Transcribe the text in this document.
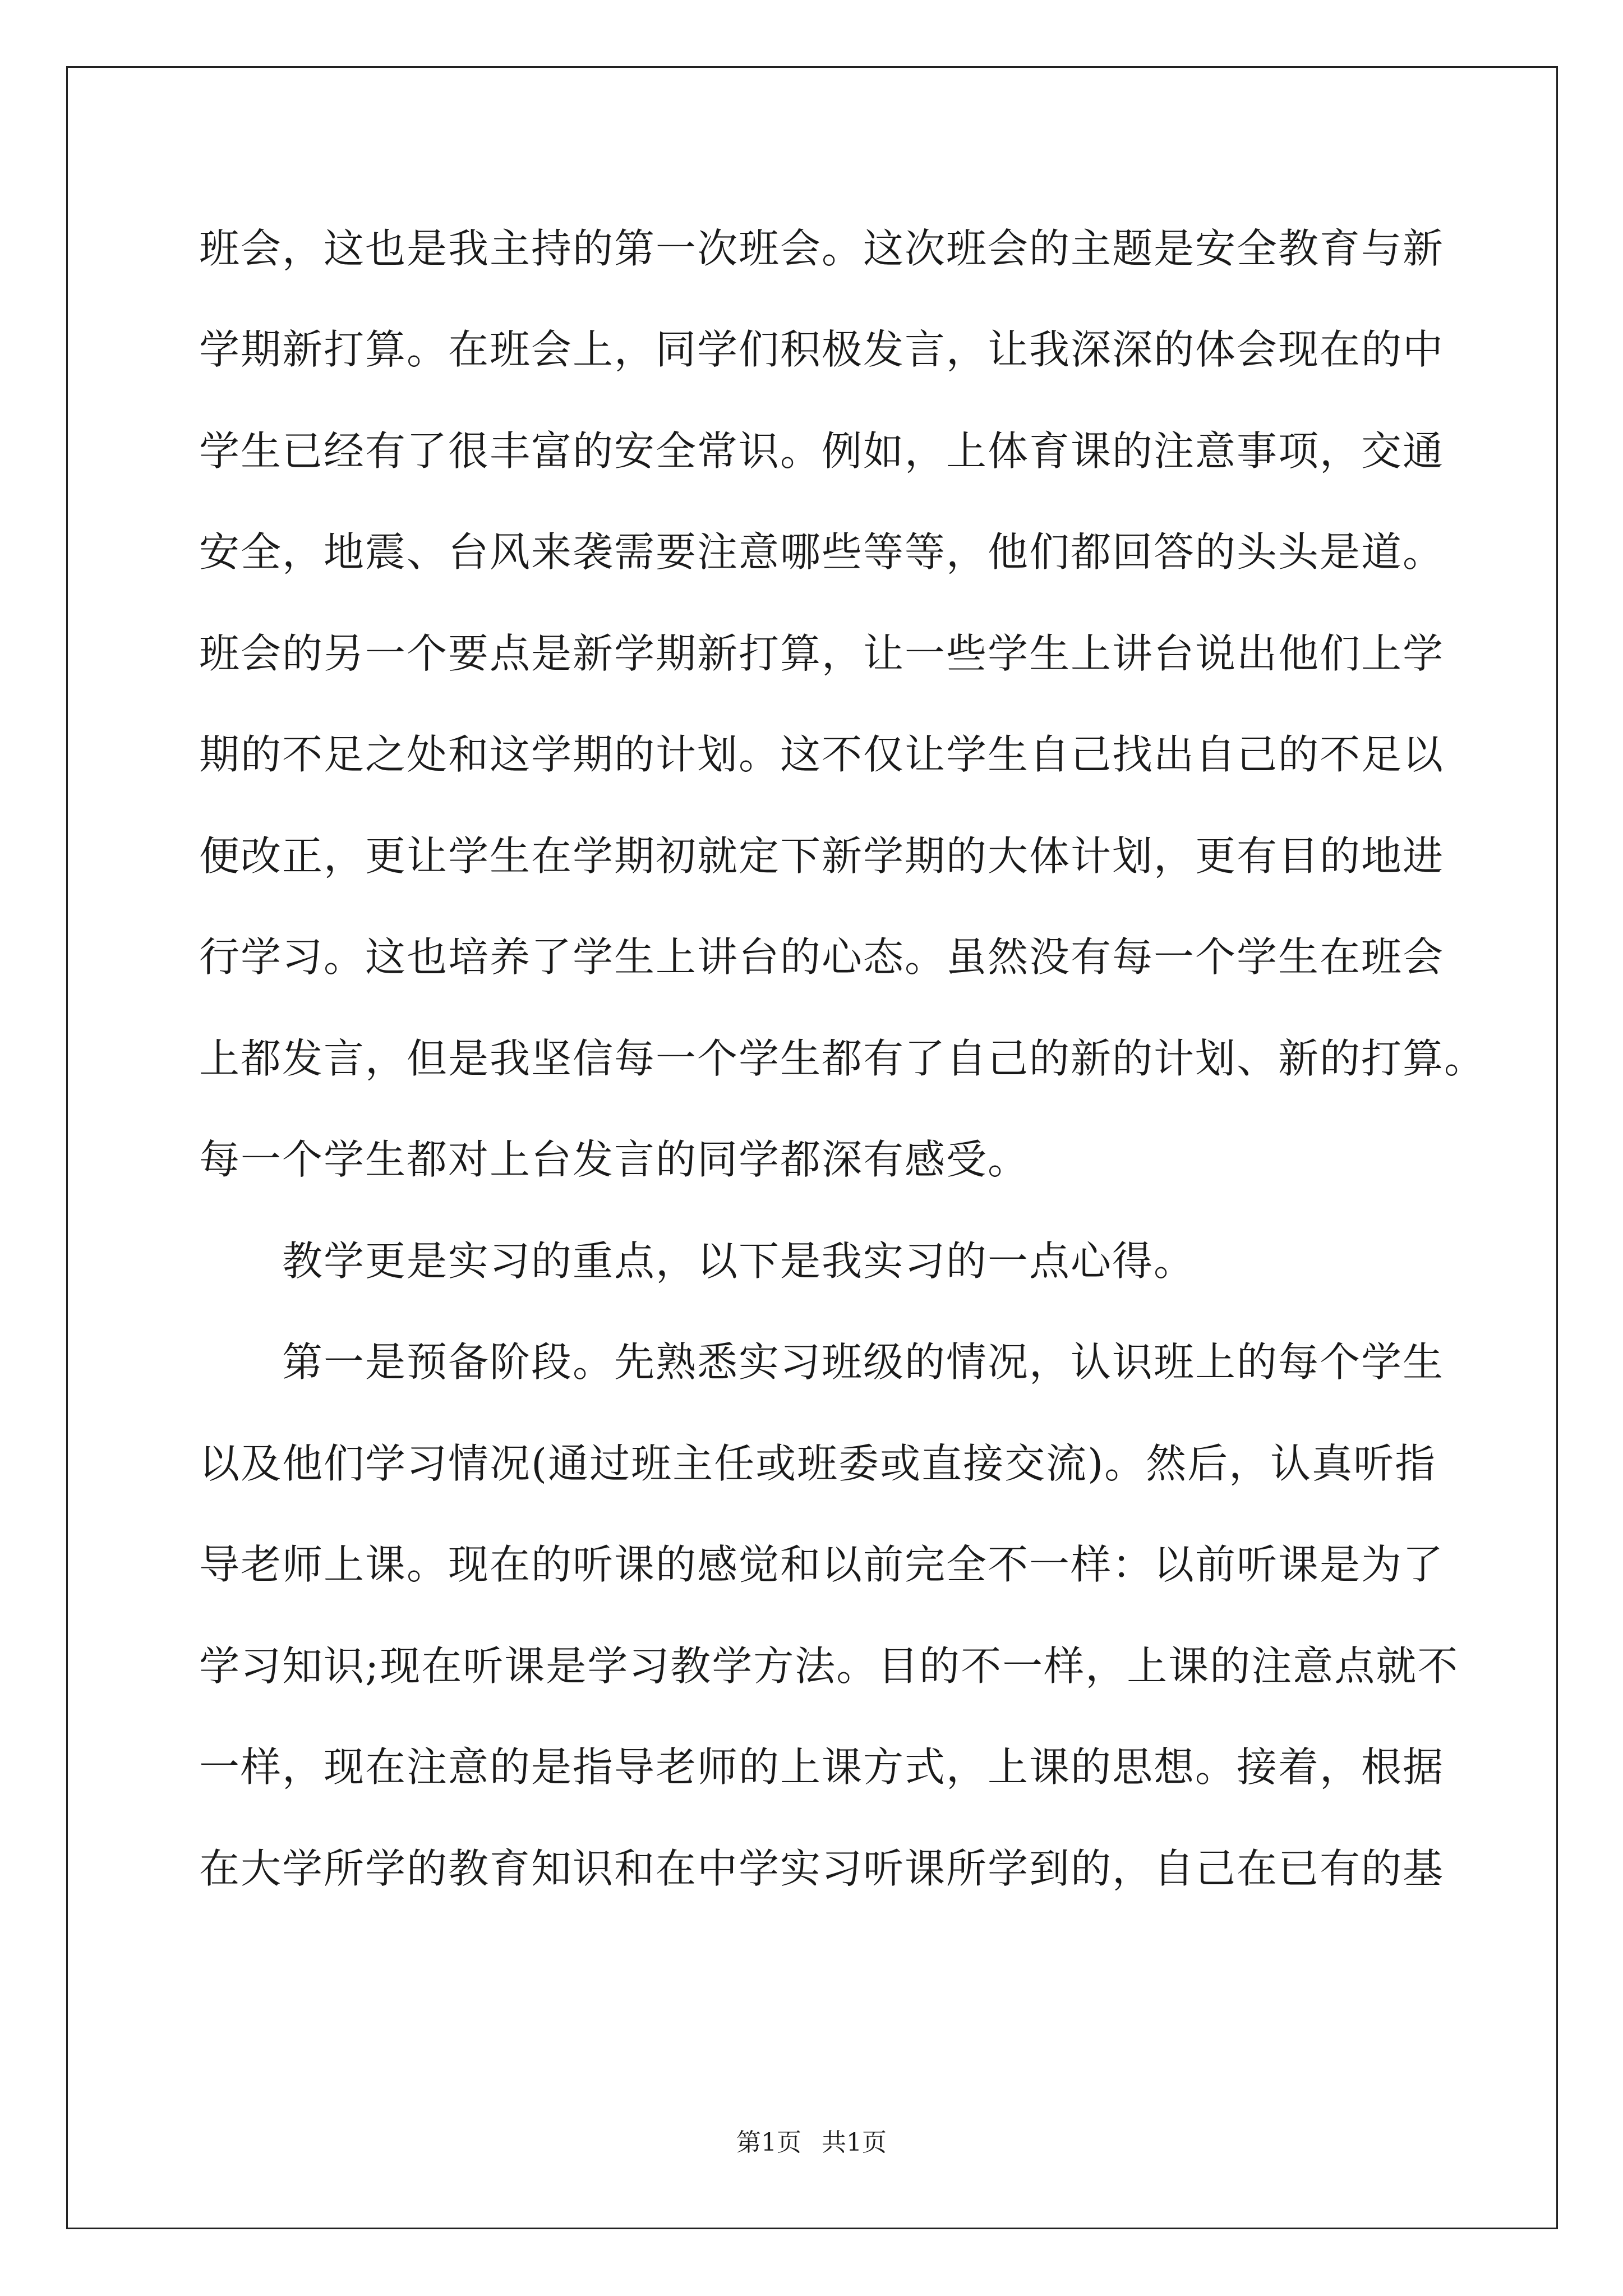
班会，这也是我主持的第一次班会。这次班会的主题是安全教育与新
学期新打算。在班会上，同学们积极发言，让我深深的体会现在的中
学生已经有了很丰富的安全常识。例如，上体育课的注意事项，交通
安全，地震、台风来袭需要注意哪些等等，他们都回答的头头是道。
班会的另一个要点是新学期新打算，让一些学生上讲台说出他们上学
期的不足之处和这学期的计划。这不仅让学生自己找出自己的不足以
便改正，更让学生在学期初就定下新学期的大体计划，更有目的地进
行学习。这也培养了学生上讲台的心态。虽然没有每一个学生在班会
上都发言，但是我坚信每一个学生都有了自己的新的计划、新的打算。
每一个学生都对上台发言的同学都深有感受。
　　教学更是实习的重点，以下是我实习的一点心得。
　　第一是预备阶段。先熟悉实习班级的情况，认识班上的每个学生
以及他们学习情况(通过班主任或班委或直接交流)。然后，认真听指
导老师上课。现在的听课的感觉和以前完全不一样：以前听课是为了
学习知识;现在听课是学习教学方法。目的不一样，上课的注意点就不
一样，现在注意的是指导老师的上课方式，上课的思想。接着，根据
在大学所学的教育知识和在中学实习听课所学到的，自己在已有的基
第1页 共1页
